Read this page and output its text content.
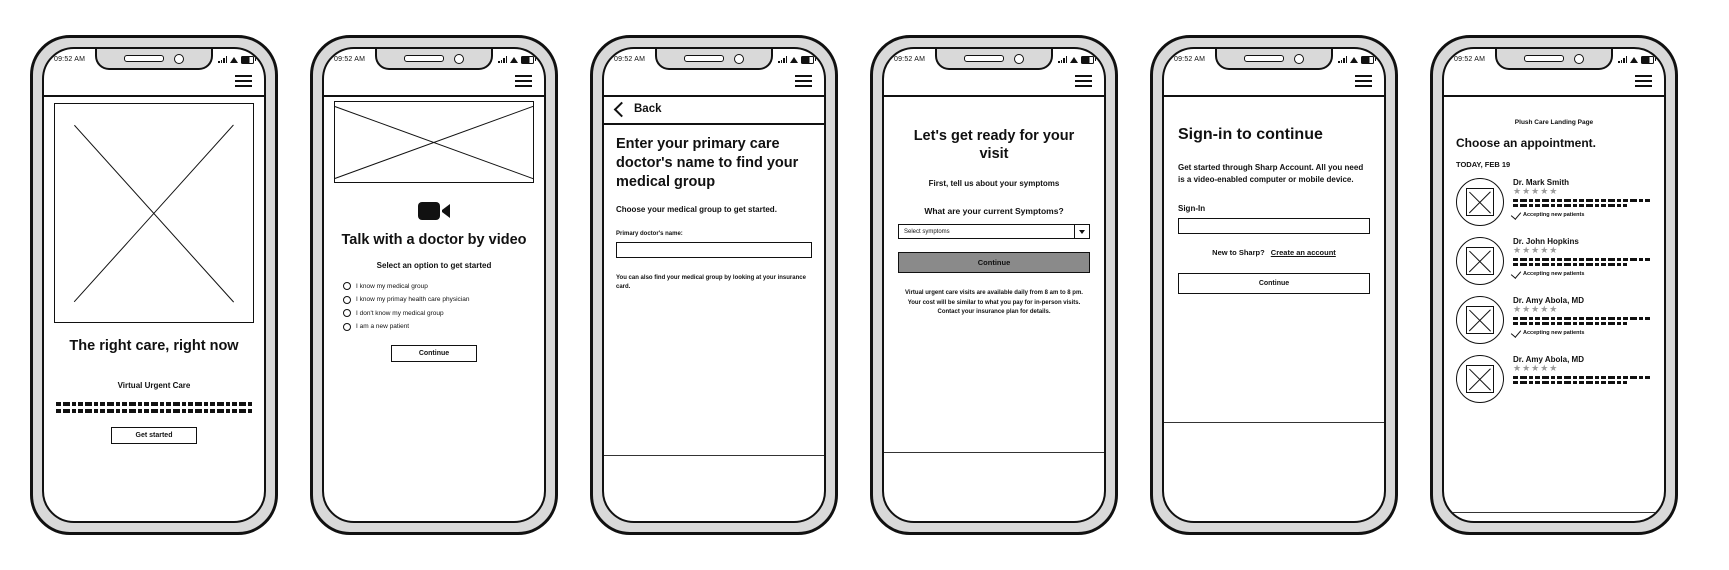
09:52 AM
The right care, right now
Virtual Urgent Care
Get started
09:52 AM
Talk with a doctor by video
Select an option to get started
I know my medical group
I know my primay health care physician
I don't know my medical group
I am a new patient
Continue
09:52 AM
Back
Enter your primary care doctor's name to find your medical group
Choose your medical group to get started.
Primary doctor's name:
You can also find your medical group by looking at your insurance card.
09:52 AM
Let's get ready for your visit
First, tell us about your symptoms
What are your current Symptoms?
Select symptoms
Continue
Virtual urgent care visits are available daily from 8 am to 8 pm. Your cost will be similar to what you pay for in-person visits. Contact your insurance plan for details.
09:52 AM
Sign-in to continue
Get started through Sharp Account. All you need is a video-enabled computer or mobile device.
Sign-In
New to Sharp? Create an account
Continue
09:52 AM
Plush Care Landing Page
Choose an appointment.
TODAY, FEB 19
Dr. Mark Smith
★★★★★
Accepting new patients
Dr. John Hopkins
★★★★★
Accepting new patients
Dr. Amy Abola, MD
★★★★★
Accepting new patients
Dr. Amy Abola, MD
★★★★★
